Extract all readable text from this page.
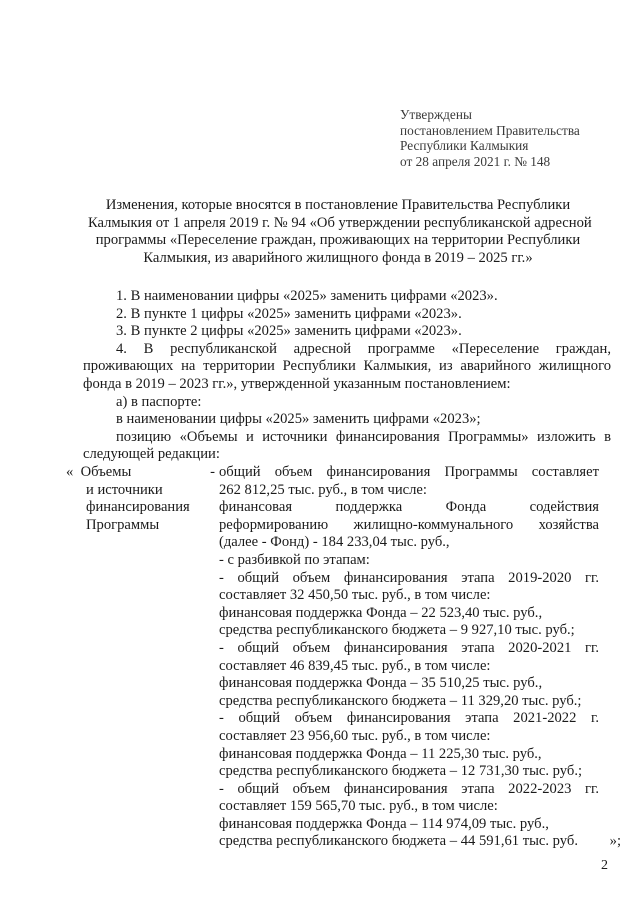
Утверждены
постановлением Правительства
Республики Калмыкия
от 28 апреля 2021 г. № 148
Изменения, которые вносятся в постановление Правительства Республики
Калмыкия от 1 апреля 2019 г. № 94 «Об утверждении республиканской адресной
программы «Переселение граждан, проживающих на территории Республики
Калмыкия, из аварийного жилищного фонда в 2019 – 2025 гг.»
1. В наименовании цифры «2025» заменить цифрами «2023».
2. В пункте 1 цифры «2025» заменить цифрами «2023».
3. В пункте 2 цифры «2025» заменить цифрами «2023».
4. В республиканской адресной программе «Переселение граждан,
проживающих на территории Республики Калмыкия, из аварийного жилищного
фонда в 2019 – 2023 гг.», утвержденной указанным постановлением:
а) в паспорте:
в наименовании цифры «2025» заменить цифрами «2023»;
позицию «Объемы и источники финансирования Программы» изложить в
следующей редакции:
« Объемы
и источники
финансирования
Программы
- общий объем финансирования Программы составляет
262 812,25 тыс. руб., в том числе:
финансовая поддержка Фонда содействия
реформированию жилищно-коммунального хозяйства
(далее - Фонд) - 184 233,04 тыс. руб.,
- с разбивкой по этапам:
- общий объем финансирования этапа 2019-2020 гг.
составляет 32 450,50 тыс. руб., в том числе:
финансовая поддержка Фонда – 22 523,40 тыс. руб.,
средства республиканского бюджета – 9 927,10 тыс. руб.;
- общий объем финансирования этапа 2020-2021 гг.
составляет 46 839,45 тыс. руб., в том числе:
финансовая поддержка Фонда – 35 510,25 тыс. руб.,
средства республиканского бюджета – 11 329,20 тыс. руб.;
- общий объем финансирования этапа 2021-2022 г.
составляет 23 956,60 тыс. руб., в том числе:
финансовая поддержка Фонда – 11 225,30 тыс. руб.,
средства республиканского бюджета – 12 731,30 тыс. руб.;
- общий объем финансирования этапа 2022-2023 гг.
составляет 159 565,70 тыс. руб., в том числе:
финансовая поддержка Фонда – 114 974,09 тыс. руб.,
средства республиканского бюджета – 44 591,61 тыс. руб. »;
2
